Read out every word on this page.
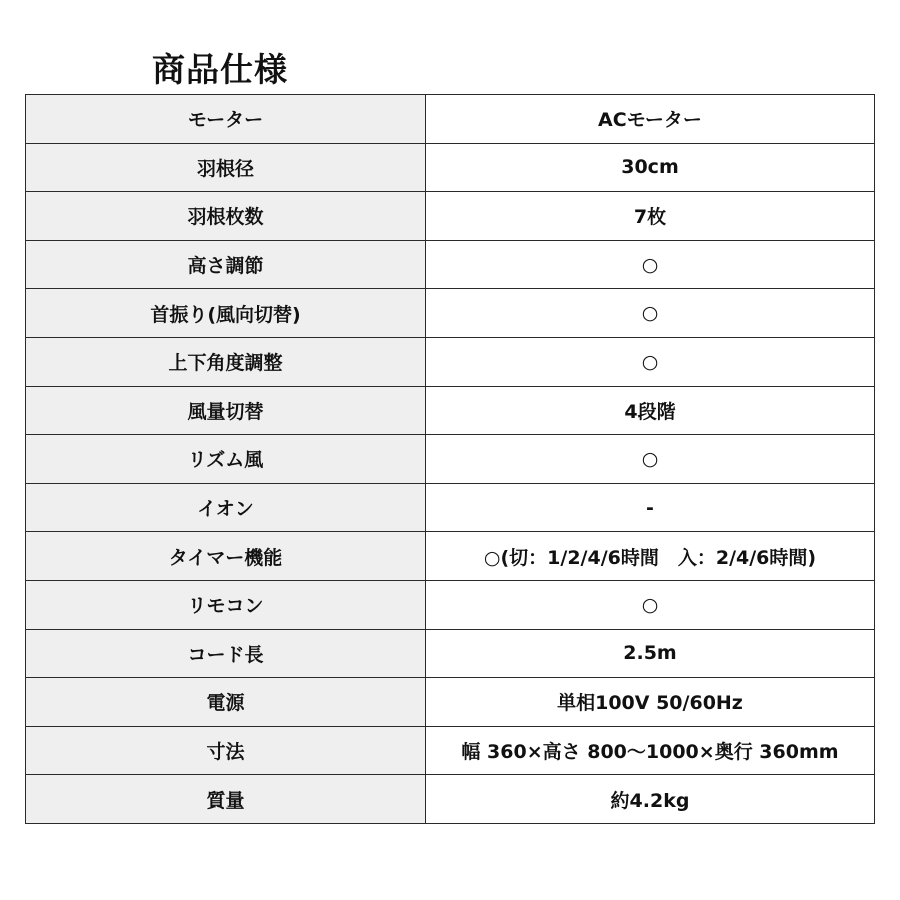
商品仕様
モーター	ACモーター
羽根径	30cm
羽根枚数	7枚
高さ調節	○
首振り(風向切替)	○
上下角度調整	○
風量切替	4段階
リズム風	○
イオン	-
タイマー機能	○(切：1/2/4/6時間　入：2/4/6時間)
リモコン	○
コード長	2.5m
電源	単相100V 50/60Hz
寸法	幅 360×高さ 800～1000×奥行 360mm
質量	約4.2kg
